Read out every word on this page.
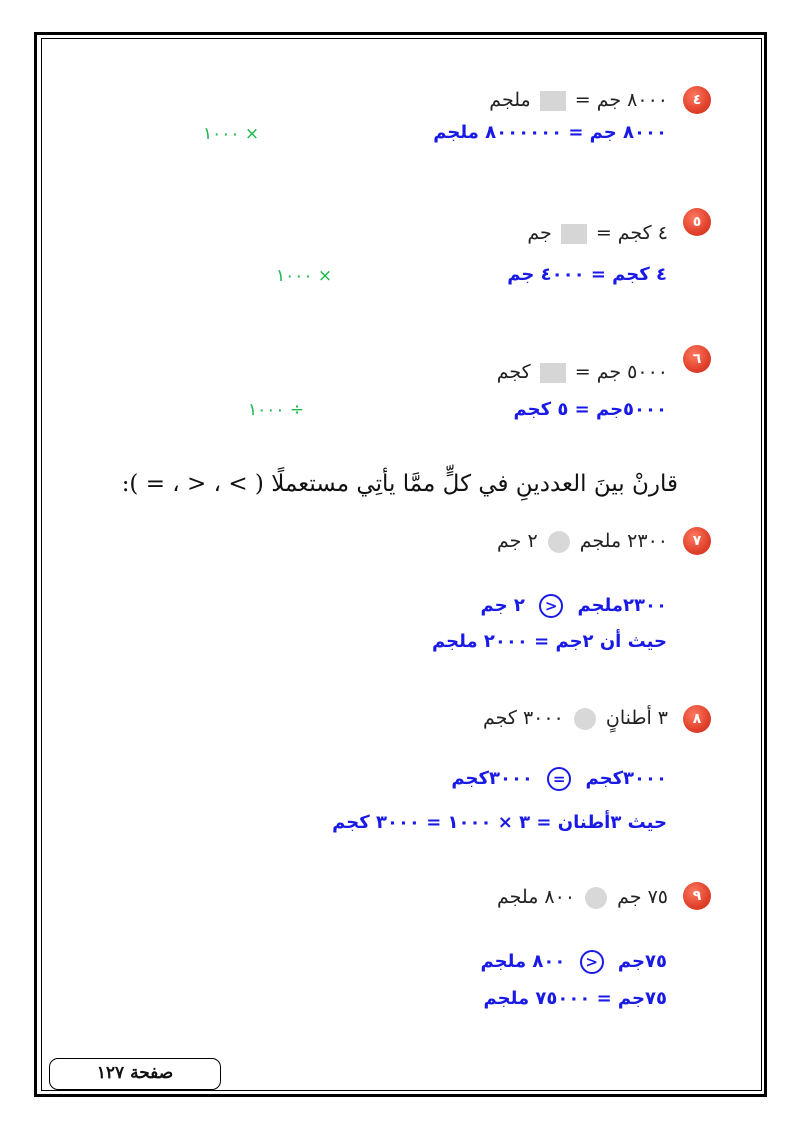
٤
٨٠٠٠ جم =  ملجم
٨٠٠٠ جم = ٨٠٠٠٠٠٠ ملجم
١٠٠٠ ×
٥
٤ كجم =  جم
٤ كجم = ٤٠٠٠ جم
١٠٠٠ ×
٦
٥٠٠٠ جم =  كجم
٥٠٠٠جم = ٥ كجم
١٠٠٠ ÷
قارنْ بينَ العددينِ في كلٍّ ممَّا يأتِي مستعملًا ( > ، < ، = ):
٧
٢٣٠٠ ملجم  ٢ جم
٢٣٠٠ملجم < ٢ جم
حيث أن ٢جم = ٢٠٠٠ ملجم
٨
٣ أطنانٍ  ٣٠٠٠ كجم
٣٠٠٠كجم = ٣٠٠٠كجم
حيث ٣أطنان = ٣ × ١٠٠٠ = ٣٠٠٠ كجم
٩
٧٥ جم  ٨٠٠ ملجم
٧٥جم < ٨٠٠ ملجم
٧٥جم = ٧٥٠٠٠ ملجم
صفحة ١٢٧
